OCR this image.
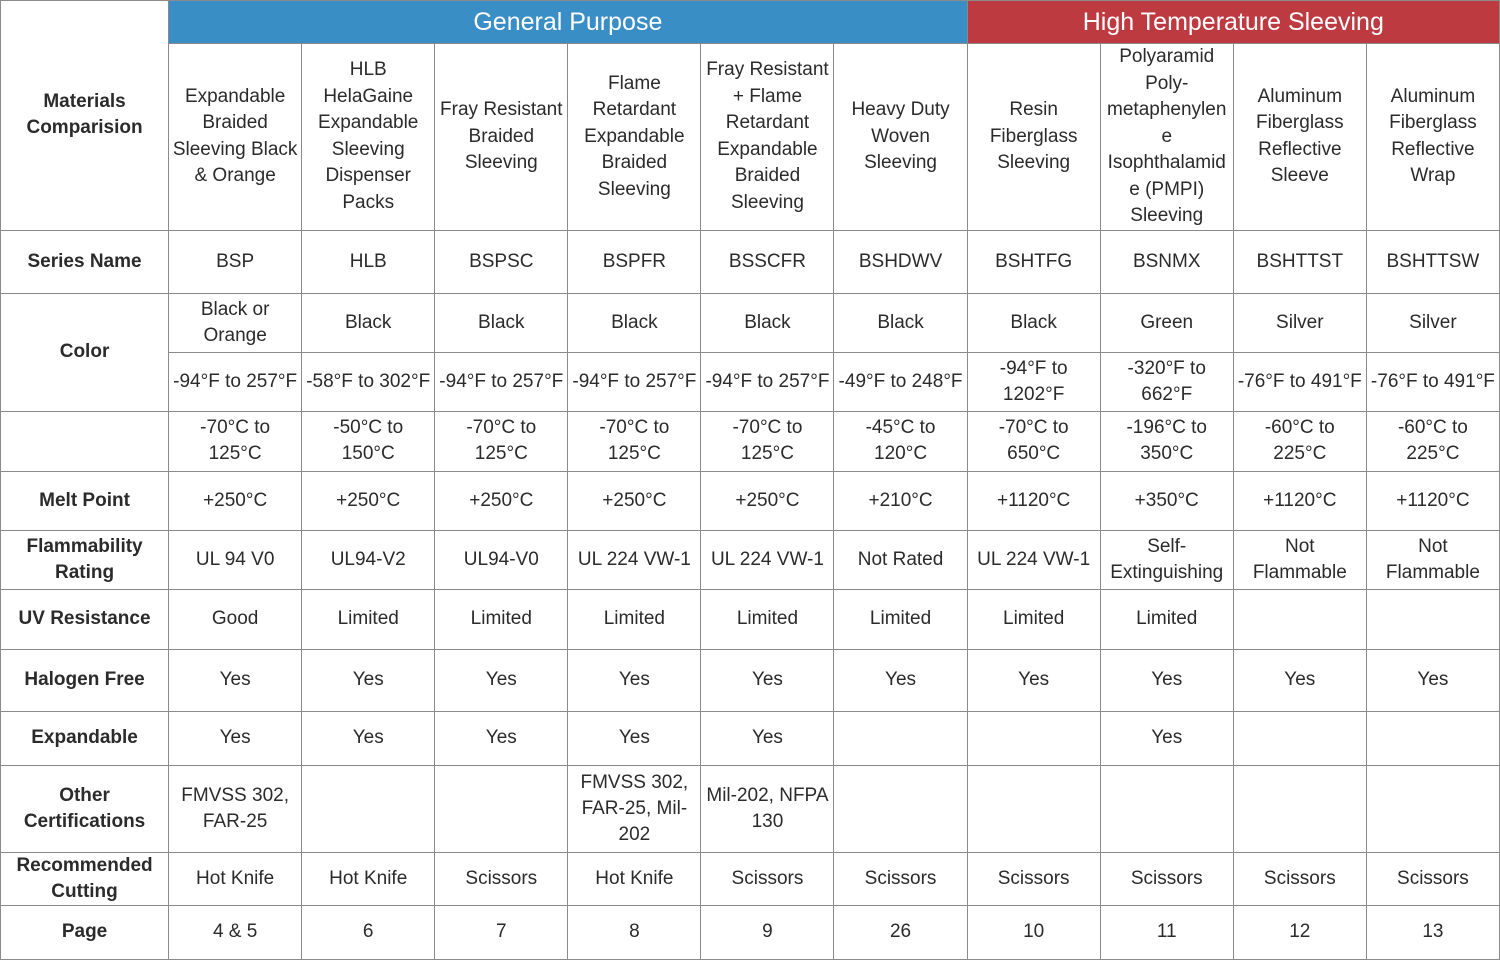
Materials Comparision	General Purpose						High Temperature Sleeving			
	Expandable Braided Sleeving Black & Orange	HLB HelaGaine Expandable Sleeving Dispenser Packs	Fray Resistant Braided Sleeving	Flame Retardant Expandable Braided Sleeving	Fray Resistant + Flame Retardant Expandable Braided Sleeving	Heavy Duty Woven Sleeving	Resin Fiberglass Sleeving	Polyaramid Poly-metaphenylene Isophthalamide (PMPI) Sleeving	Aluminum Fiberglass Reflective Sleeve	Aluminum Fiberglass Reflective Wrap
Series Name	BSP	HLB	BSPSC	BSPFR	BSSCFR	BSHDWV	BSHTFG	BSNMX	BSHTTST	BSHTTSW
Color	Black or Orange	Black	Black	Black	Black	Black	Black	Green	Silver	Silver
	-94°F to 257°F	-58°F to 302°F	-94°F to 257°F	-94°F to 257°F	-94°F to 257°F	-49°F to 248°F	-94°F to 1202°F	-320°F to 662°F	-76°F to 491°F	-76°F to 491°F
	-70°C to 125°C	-50°C to 150°C	-70°C to 125°C	-70°C to 125°C	-70°C to 125°C	-45°C to 120°C	-70°C to 650°C	-196°C to 350°C	-60°C to 225°C	-60°C to 225°C
Melt Point	+250°C	+250°C	+250°C	+250°C	+250°C	+210°C	+1120°C	+350°C	+1120°C	+1120°C
Flammability Rating	UL 94 V0	UL94-V2	UL94-V0	UL 224 VW-1	UL 224 VW-1	Not Rated	UL 224 VW-1	Self-Extinguishing	Not Flammable	Not Flammable
UV Resistance	Good	Limited	Limited	Limited	Limited	Limited	Limited	Limited		
Halogen Free	Yes	Yes	Yes	Yes	Yes	Yes	Yes	Yes	Yes	Yes
Expandable	Yes	Yes	Yes	Yes	Yes			Yes		
Other Certifications	FMVSS 302, FAR-25			FMVSS 302, FAR-25, Mil-202	Mil-202, NFPA 130					
Recommended Cutting	Hot Knife	Hot Knife	Scissors	Hot Knife	Scissors	Scissors	Scissors	Scissors	Scissors	Scissors
Page	4 & 5	6	7	8	9	26	10	11	12	13
